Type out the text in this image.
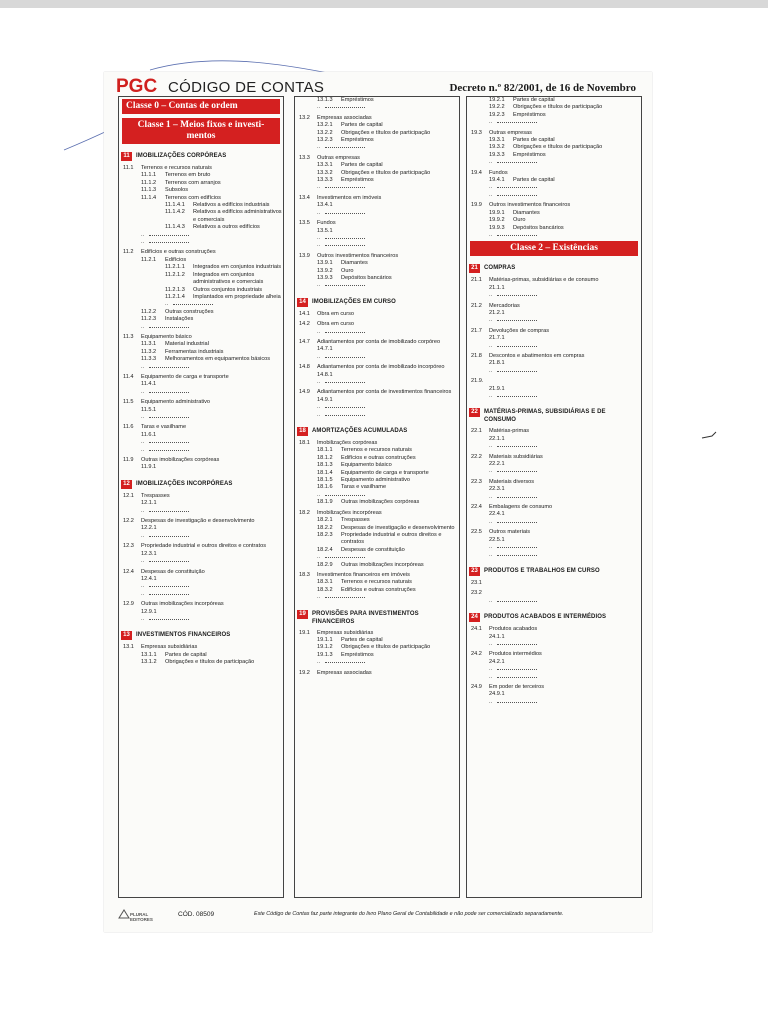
PGC CÓDIGO DE CONTAS	Decreto n.º 82/2001, de 16 de Novembro
Classe 0 – Contas de ordem
Classe 1 – Meios fixos e investi-mentos
11	IMOBILIZAÇÕES CORPÓREAS
11.1	Terrenos e recursos naturais
11.1.1	Terrenos em bruto
11.1.2	Terrenos com arranjos
11.1.3	Subsolos
11.1.4	Terrenos com edifícios
11.1.4.1	Relativos a edifícios industriais
11.1.4.2	Relativos a edifícios administrativos e comerciais
11.1.4.3	Relativos a outros edifícios
..
..
11.2	Edifícios e outras construções
11.2.1	Edifícios
11.2.1.1	Integrados em conjuntos industriais
11.2.1.2	Integrados em conjuntos administrativos e comerciais
11.2.1.3	Outros conjuntos industriais
11.2.1.4	Implantados em propriedade alheia
..
11.2.2	Outras construções
11.2.3	Instalações
..
11.3	Equipamento básico
11.3.1	Material industrial
11.3.2	Ferramentas industriais
11.3.3	Melhoramentos em equipamentos básicos
..
11.4	Equipamento de carga e transporte
11.4.1
..
11.5	Equipamento administrativo
11.5.1
..
11.6	Taras e vasilhame
11.6.1
..
..
11.9	Outras imobilizações corpóreas
11.9.1
12	IMOBILIZAÇÕES INCORPÓREAS
12.1	Trespasses
12.1.1
..
12.2	Despesas de investigação e desenvolvimento
12.2.1
..
12.3	Propriedade industrial e outros direitos e contratos
12.3.1
..
12.4	Despesas de constituição
12.4.1
..
..
12.9	Outras imobilizações incorpóreas
12.9.1
..
13	INVESTIMENTOS FINANCEIROS
13.1	Empresas subsidiárias
13.1.1	Partes de capital
13.1.2	Obrigações e títulos de participação
13.1.3	Empréstimos
..
13.2	Empresas associadas
13.2.1	Partes de capital
13.2.2	Obrigações e títulos de participação
13.2.3	Empréstimos
..
13.3	Outras empresas
13.3.1	Partes de capital
13.3.2	Obrigações e títulos de participação
13.3.3	Empréstimos
..
13.4	Investimentos em imóveis
13.4.1
..
13.5	Fundos
13.5.1
..
..
13.9	Outros investimentos financeiros
13.9.1	Diamantes
13.9.2	Ouro
13.9.3	Depósitos bancários
..
14	IMOBILIZAÇÕES EM CURSO
14.1	Obra em curso
14.2	Obra em curso
..
14.7	Adiantamentos por conta de imobilizado corpóreo
14.7.1
..
14.8	Adiantamentos por conta de imobilizado incorpóreo
14.8.1
..
14.9	Adiantamentos por conta de investimentos financeiros
14.9.1
..
..
18	AMORTIZAÇÕES ACUMULADAS
18.1	Imobilizações corpóreas
18.1.1	Terrenos e recursos naturais
18.1.2	Edifícios e outras construções
18.1.3	Equipamento básico
18.1.4	Equipamento de carga e transporte
18.1.5	Equipamento administrativo
18.1.6	Taras e vasilhame
..
18.1.9	Outras imobilizações corpóreas
18.2	Imobilizações incorpóreas
18.2.1	Trespasses
18.2.2	Despesas de investigação e desenvolvimento
18.2.3	Propriedade industrial e outros direitos e contratos
18.2.4	Despesas de constituição
..
18.2.9	Outras imobilizações incorpóreas
18.3	Investimentos financeiros em imóveis
18.3.1	Terrenos e recursos naturais
18.3.2	Edifícios e outras construções
..
19	PROVISÕES PARA INVESTIMENTOS FINANCEIROS
19.1	Empresas subsidiárias
19.1.1	Partes de capital
19.1.2	Obrigações e títulos de participação
19.1.3	Empréstimos
..
19.2	Empresas associadas
19.2.1	Partes de capital
19.2.2	Obrigações e títulos de participação
19.2.3	Empréstimos
..
19.3	Outras empresas
19.3.1	Partes de capital
19.3.2	Obrigações e títulos de participação
19.3.3	Empréstimos
..
19.4	Fundos
19.4.1	Partes de capital
..
..
19.9	Outros investimentos financeiros
19.9.1	Diamantes
19.9.2	Ouro
19.9.3	Depósitos bancários
..
Classe 2 – Existências
21	COMPRAS
21.1	Matérias-primas, subsidiárias e de consumo
21.1.1
..
21.2	Mercadorias
21.2.1
..
21.7	Devoluções de compras
21.7.1
..
21.8	Descontos e abatimentos em compras
21.8.1
..
21.9.
21.9.1
..
22	MATÉRIAS-PRIMAS, SUBSIDIÁRIAS E DE CONSUMO
22.1	Matérias-primas
22.1.1
..
22.2	Materiais subsidiárias
22.2.1
..
22.3	Materiais diversos
22.3.1
..
22.4	Embalagens de consumo
22.4.1
..
22.5	Outros materiais
22.5.1
..
..
23	PRODUTOS E TRABALHOS EM CURSO
23.1
23.2
..
24	PRODUTOS ACABADOS E INTERMÉDIOS
24.1	Produtos acabados
24.1.1
..
24.2	Produtos intermédios
24.2.1
..
..
24.9	Em poder de terceiros
24.9.1
..
PLURAL EDITORES
CÓD. 08509	Este Código de Contas faz parte integrante do livro Plano Geral de Contabilidade e não pode ser comercializado separadamente.
